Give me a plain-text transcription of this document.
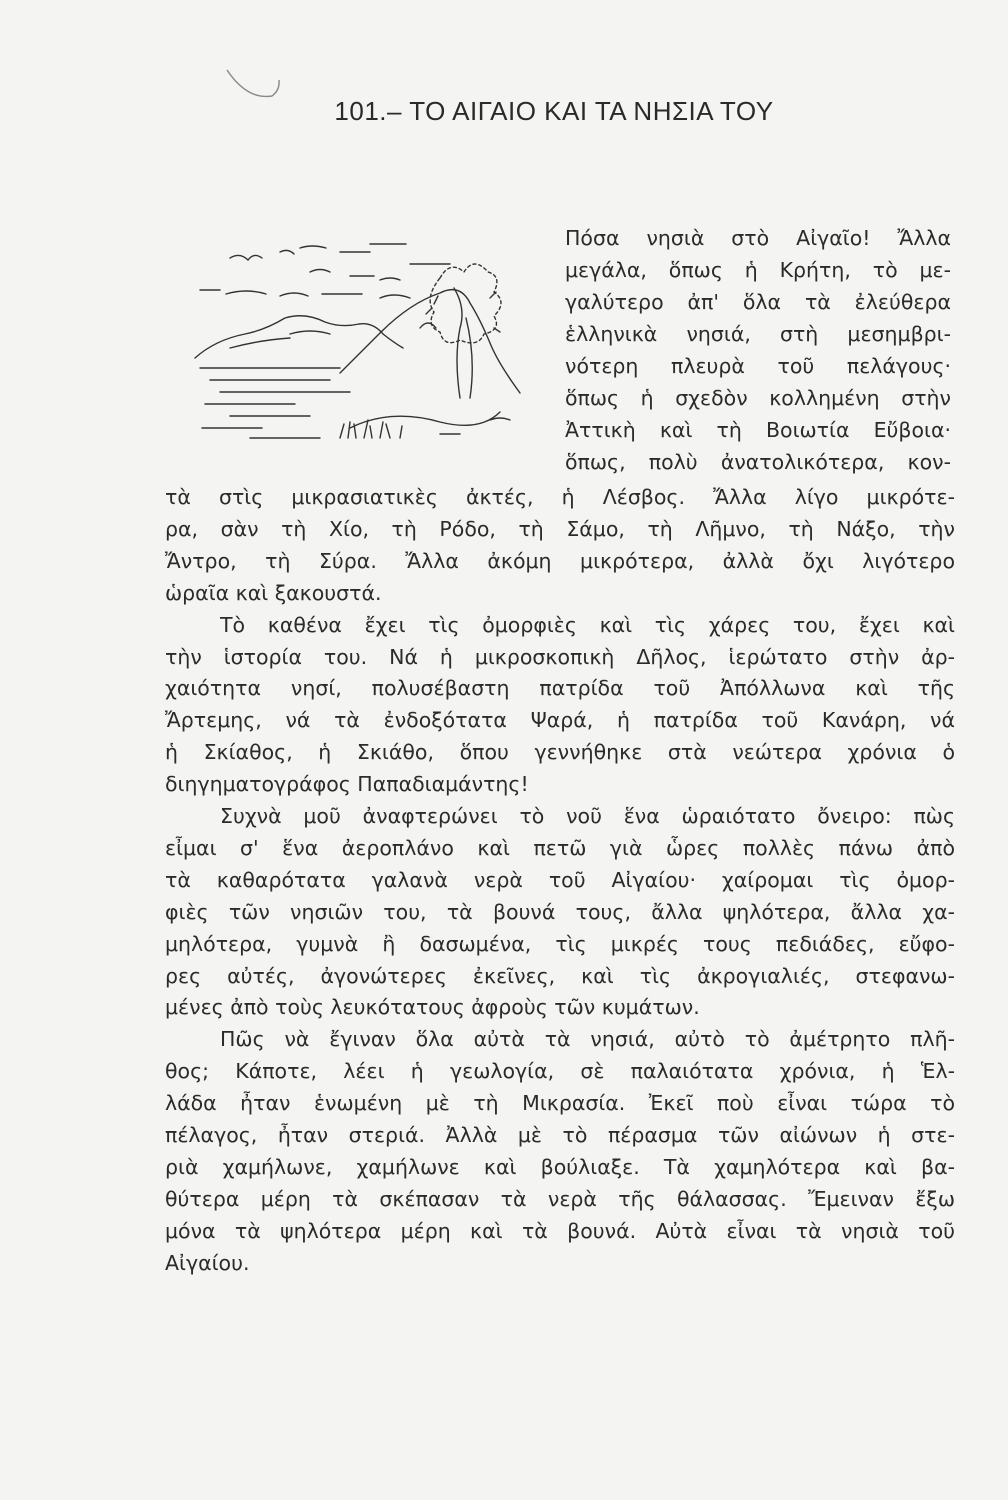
101.– ΤΟ ΑΙΓΑΙΟ ΚΑΙ ΤΑ ΝΗΣΙΑ ΤΟΥ
Πόσα νησιὰ στὸ Αἰγαῖο! Ἄλλα
μεγάλα, ὅπως ἡ Κρήτη, τὸ με-
γαλύτερο ἀπ' ὅλα τὰ ἐλεύθερα
ἑλληνικὰ νησιά, στὴ μεσημβρι-
νότερη πλευρὰ τοῦ πελάγους·
ὅπως ἡ σχεδὸν κολλημένη στὴν
Ἀττικὴ καὶ τὴ Βοιωτία Εὔβοια·
ὅπως, πολὺ ἀνατολικότερα, κον-
τὰ στὶς μικρασιατικὲς ἀκτές, ἡ Λέσβος. Ἄλλα λίγο μικρότε-
ρα, σὰν τὴ Χίο, τὴ Ρόδο, τὴ Σάμο, τὴ Λῆμνο, τὴ Νάξο, τὴν
Ἄντρο, τὴ Σύρα. Ἄλλα ἀκόμη μικρότερα, ἀλλὰ ὄχι λιγότερο
ὡραῖα καὶ ξακουστά.
Τὸ καθένα ἔχει τὶς ὀμορφιὲς καὶ τὶς χάρες του, ἔχει καὶ
τὴν ἱστορία του. Νά ἡ μικροσκοπικὴ Δῆλος, ἱερώτατο στὴν ἀρ-
χαιότητα νησί, πολυσέβαστη πατρίδα τοῦ Ἀπόλλωνα καὶ τῆς
Ἄρτεμης, νά τὰ ἐνδοξότατα Ψαρά, ἡ πατρίδα τοῦ Κανάρη, νά
ἡ Σκίαθος, ἡ Σκιάθο, ὅπου γεννήθηκε στὰ νεώτερα χρόνια ὁ
διηγηματογράφος Παπαδιαμάντης!
Συχνὰ μοῦ ἀναφτερώνει τὸ νοῦ ἕνα ὡραιότατο ὄνειρο: πὼς
εἶμαι σ' ἕνα ἀεροπλάνο καὶ πετῶ γιὰ ὧρες πολλὲς πάνω ἀπὸ
τὰ καθαρότατα γαλανὰ νερὰ τοῦ Αἰγαίου· χαίρομαι τὶς ὀμορ-
φιὲς τῶν νησιῶν του, τὰ βουνά τους, ἄλλα ψηλότερα, ἄλλα χα-
μηλότερα, γυμνὰ ἢ δασωμένα, τὶς μικρές τους πεδιάδες, εὔφο-
ρες αὐτές, ἀγονώτερες ἐκεῖνες, καὶ τὶς ἀκρογιαλιές, στεφανω-
μένες ἀπὸ τοὺς λευκότατους ἀφροὺς τῶν κυμάτων.
Πῶς νὰ ἔγιναν ὅλα αὐτὰ τὰ νησιά, αὐτὸ τὸ ἀμέτρητο πλῆ-
θος; Κάποτε, λέει ἡ γεωλογία, σὲ παλαιότατα χρόνια, ἡ Ἑλ-
λάδα ἦταν ἑνωμένη μὲ τὴ Μικρασία. Ἐκεῖ ποὺ εἶναι τώρα τὸ
πέλαγος, ἦταν στεριά. Ἀλλὰ μὲ τὸ πέρασμα τῶν αἰώνων ἡ στε-
ριὰ χαμήλωνε, χαμήλωνε καὶ βούλιαξε. Τὰ χαμηλότερα καὶ βα-
θύτερα μέρη τὰ σκέπασαν τὰ νερὰ τῆς θάλασσας. Ἔμειναν ἔξω
μόνα τὰ ψηλότερα μέρη καὶ τὰ βουνά. Αὐτὰ εἶναι τὰ νησιὰ τοῦ
Αἰγαίου.
